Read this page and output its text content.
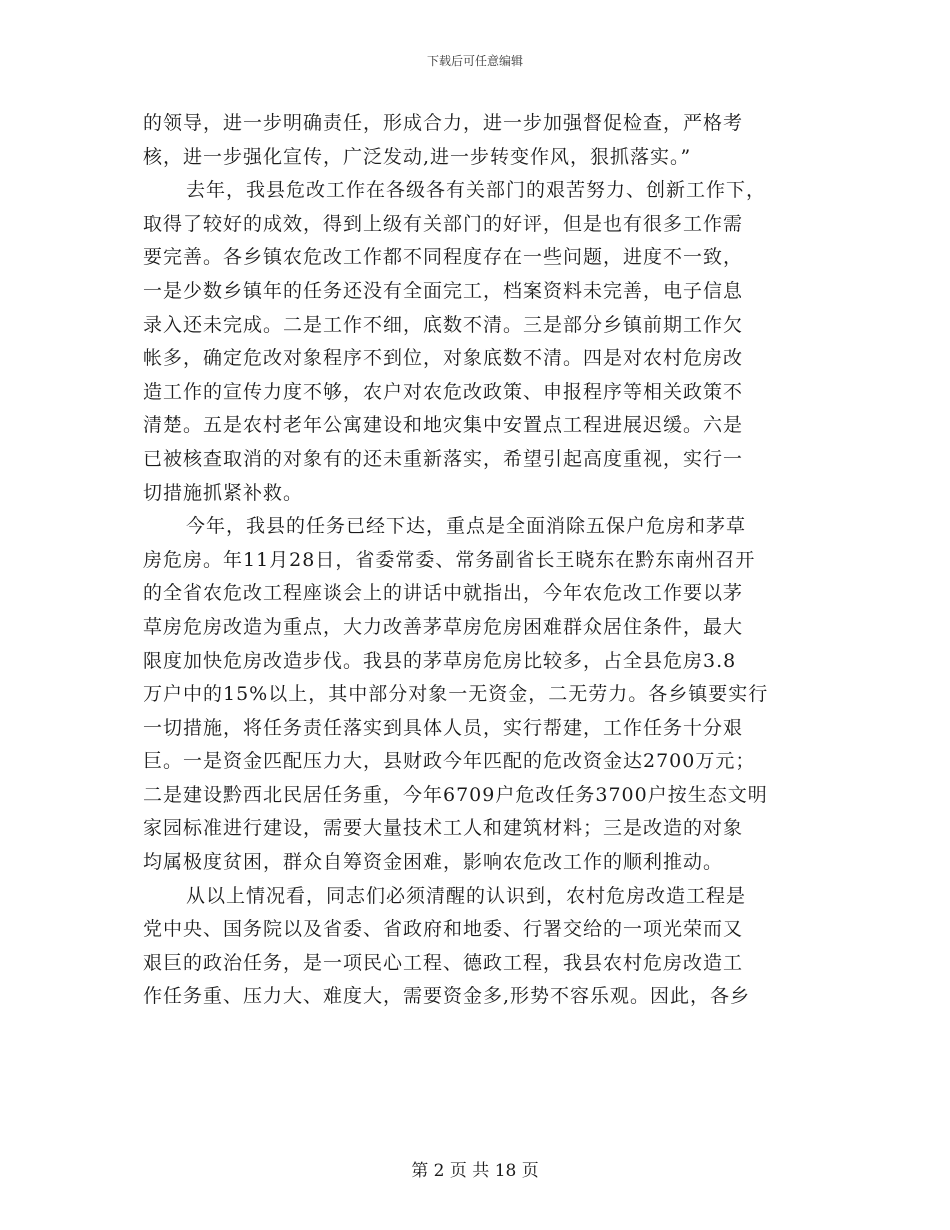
下载后可任意编辑
的领导，进一步明确责任，形成合力，进一步加强督促检查，严格考
核，进一步强化宣传，广泛发动,进一步转变作风，狠抓落实。”
去年，我县危改工作在各级各有关部门的艰苦努力、创新工作下，
取得了较好的成效，得到上级有关部门的好评，但是也有很多工作需
要完善。各乡镇农危改工作都不同程度存在一些问题，进度不一致，
一是少数乡镇年的任务还没有全面完工，档案资料未完善，电子信息
录入还未完成。二是工作不细，底数不清。三是部分乡镇前期工作欠
帐多，确定危改对象程序不到位，对象底数不清。四是对农村危房改
造工作的宣传力度不够，农户对农危改政策、申报程序等相关政策不
清楚。五是农村老年公寓建设和地灾集中安置点工程进展迟缓。六是
已被核查取消的对象有的还未重新落实，希望引起高度重视，实行一
切措施抓紧补救。
今年，我县的任务已经下达，重点是全面消除五保户危房和茅草
房危房。年11月28日，省委常委、常务副省长王晓东在黔东南州召开
的全省农危改工程座谈会上的讲话中就指出，今年农危改工作要以茅
草房危房改造为重点，大力改善茅草房危房困难群众居住条件，最大
限度加快危房改造步伐。我县的茅草房危房比较多，占全县危房3.8
万户中的15%以上，其中部分对象一无资金，二无劳力。各乡镇要实行
一切措施，将任务责任落实到具体人员，实行帮建，工作任务十分艰
巨。一是资金匹配压力大，县财政今年匹配的危改资金达2700万元；
二是建设黔西北民居任务重，今年6709户危改任务3700户按生态文明
家园标准进行建设，需要大量技术工人和建筑材料；三是改造的对象
均属极度贫困，群众自筹资金困难，影响农危改工作的顺利推动。
从以上情况看，同志们必须清醒的认识到，农村危房改造工程是
党中央、国务院以及省委、省政府和地委、行署交给的一项光荣而又
艰巨的政治任务，是一项民心工程、德政工程，我县农村危房改造工
作任务重、压力大、难度大，需要资金多,形势不容乐观。因此，各乡
第 2 页 共 18 页
